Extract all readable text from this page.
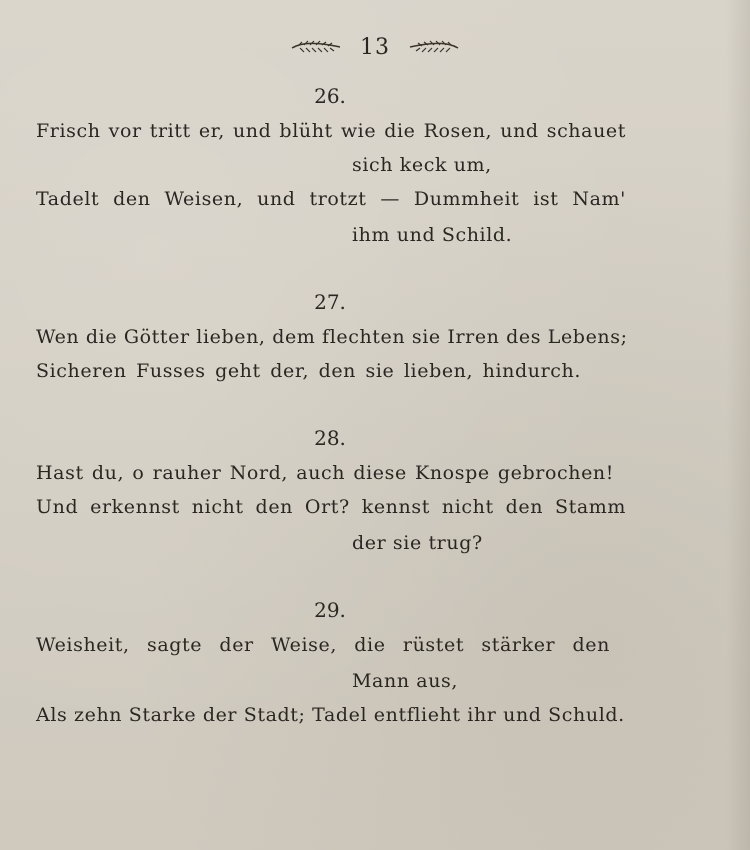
13
26.
Frisch vor tritt er, und blüht wie die Rosen, und schauet
sich keck um,
Tadelt den Weisen, und trotzt — Dummheit ist Nam'
ihm und Schild.
27.
Wen die Götter lieben, dem flechten sie Irren des Lebens;
Sicheren Fusses geht der, den sie lieben, hindurch.
28.
Hast du, o rauher Nord, auch diese Knospe gebrochen!
Und erkennst nicht den Ort? kennst nicht den Stamm
der sie trug?
29.
Weisheit, sagte der Weise, die rüstet stärker den
Mann aus,
Als zehn Starke der Stadt; Tadel entflieht ihr und Schuld.
